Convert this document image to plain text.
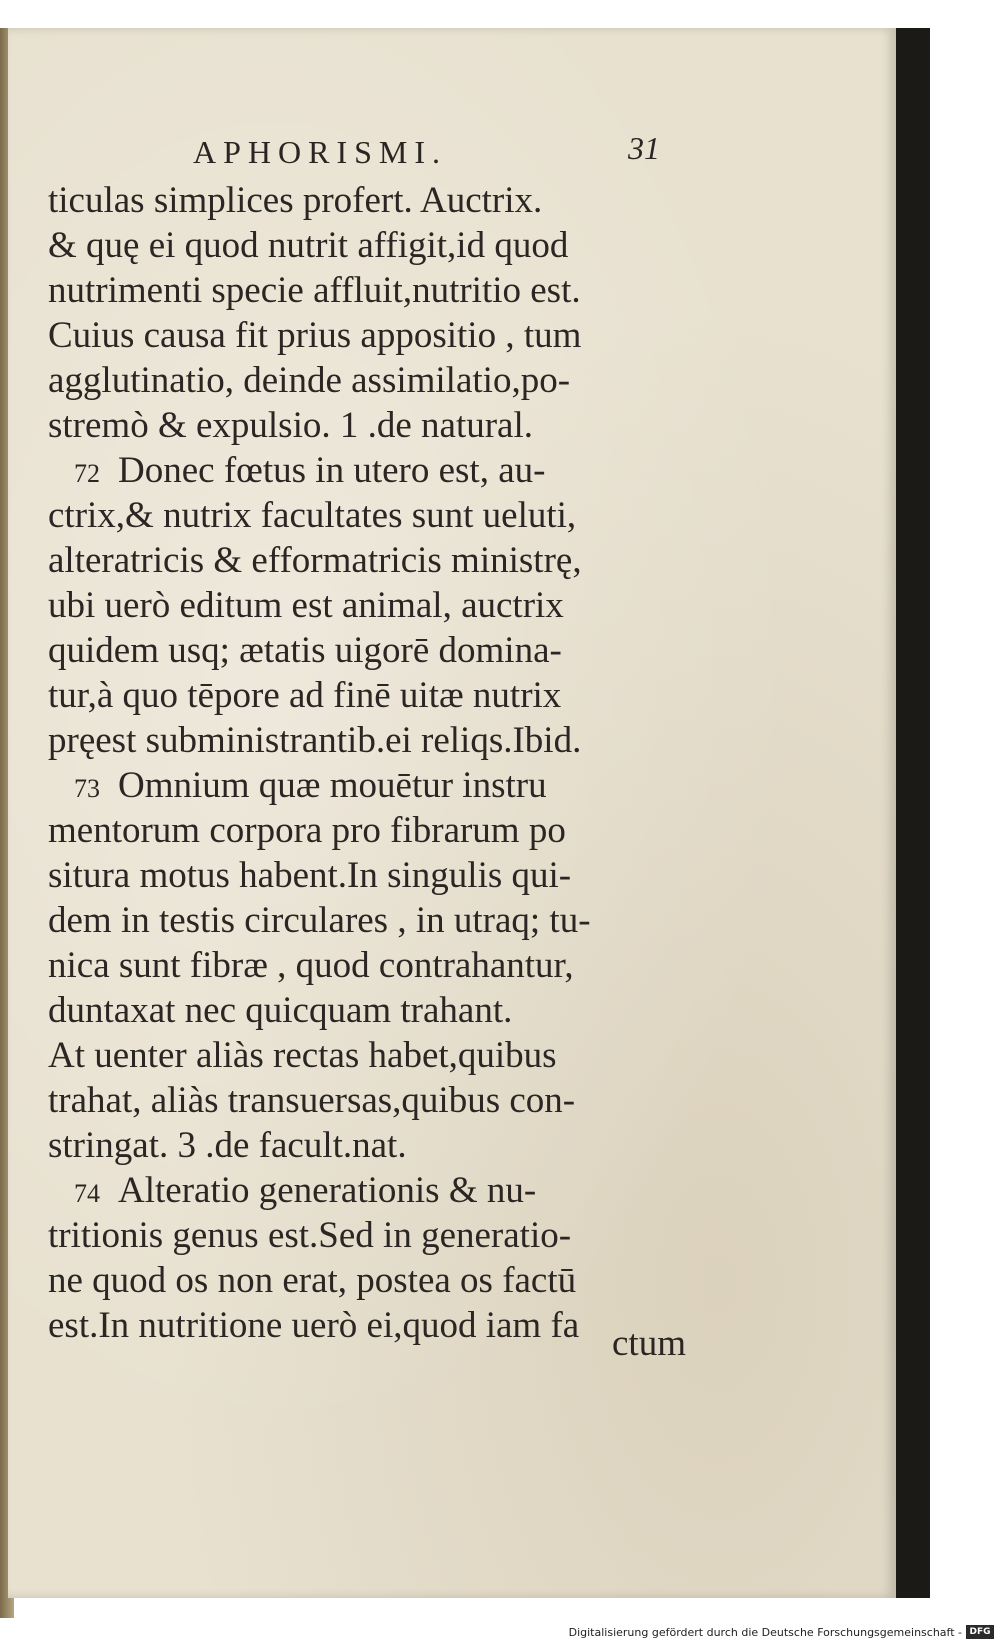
APHORISMI.	31
ticulas simplices profert. Auctrix.
& quę ei quod nutrit affigit,id quod
nutrimenti specie affluit,nutritio est.
Cuius causa fit prius appositio , tum
agglutinatio, deinde assimilatio,po-
stremò & expulsio. 1 .de natural.
72 Donec fœtus in utero est, au-
ctrix,& nutrix facultates sunt ueluti,
alteratricis & efformatricis ministrę,
ubi uerò editum est animal, auctrix
quidem usq; ætatis uigorē domina-
tur,à quo tēpore ad finē uitæ nutrix
pręest subministrantib.ei reliqs.Ibid.
73 Omnium quæ mouētur instru
mentorum corpora pro fibrarum po
situra motus habent.In singulis qui-
dem in testis circulares , in utraq; tu-
nica sunt fibræ , quod contrahantur,
duntaxat nec quicquam trahant.
At uenter aliàs rectas habet,quibus
trahat, aliàs transuersas,quibus con-
stringat. 3 .de facult.nat.
74 Alteratio generationis & nu-
tritionis genus est.Sed in generatio-
ne quod os non erat, postea os factū
est.In nutritione uerò ei,quod iam fa ctum
Digitalisierung gefördert durch die Deutsche Forschungsgemeinschaft - DFG
